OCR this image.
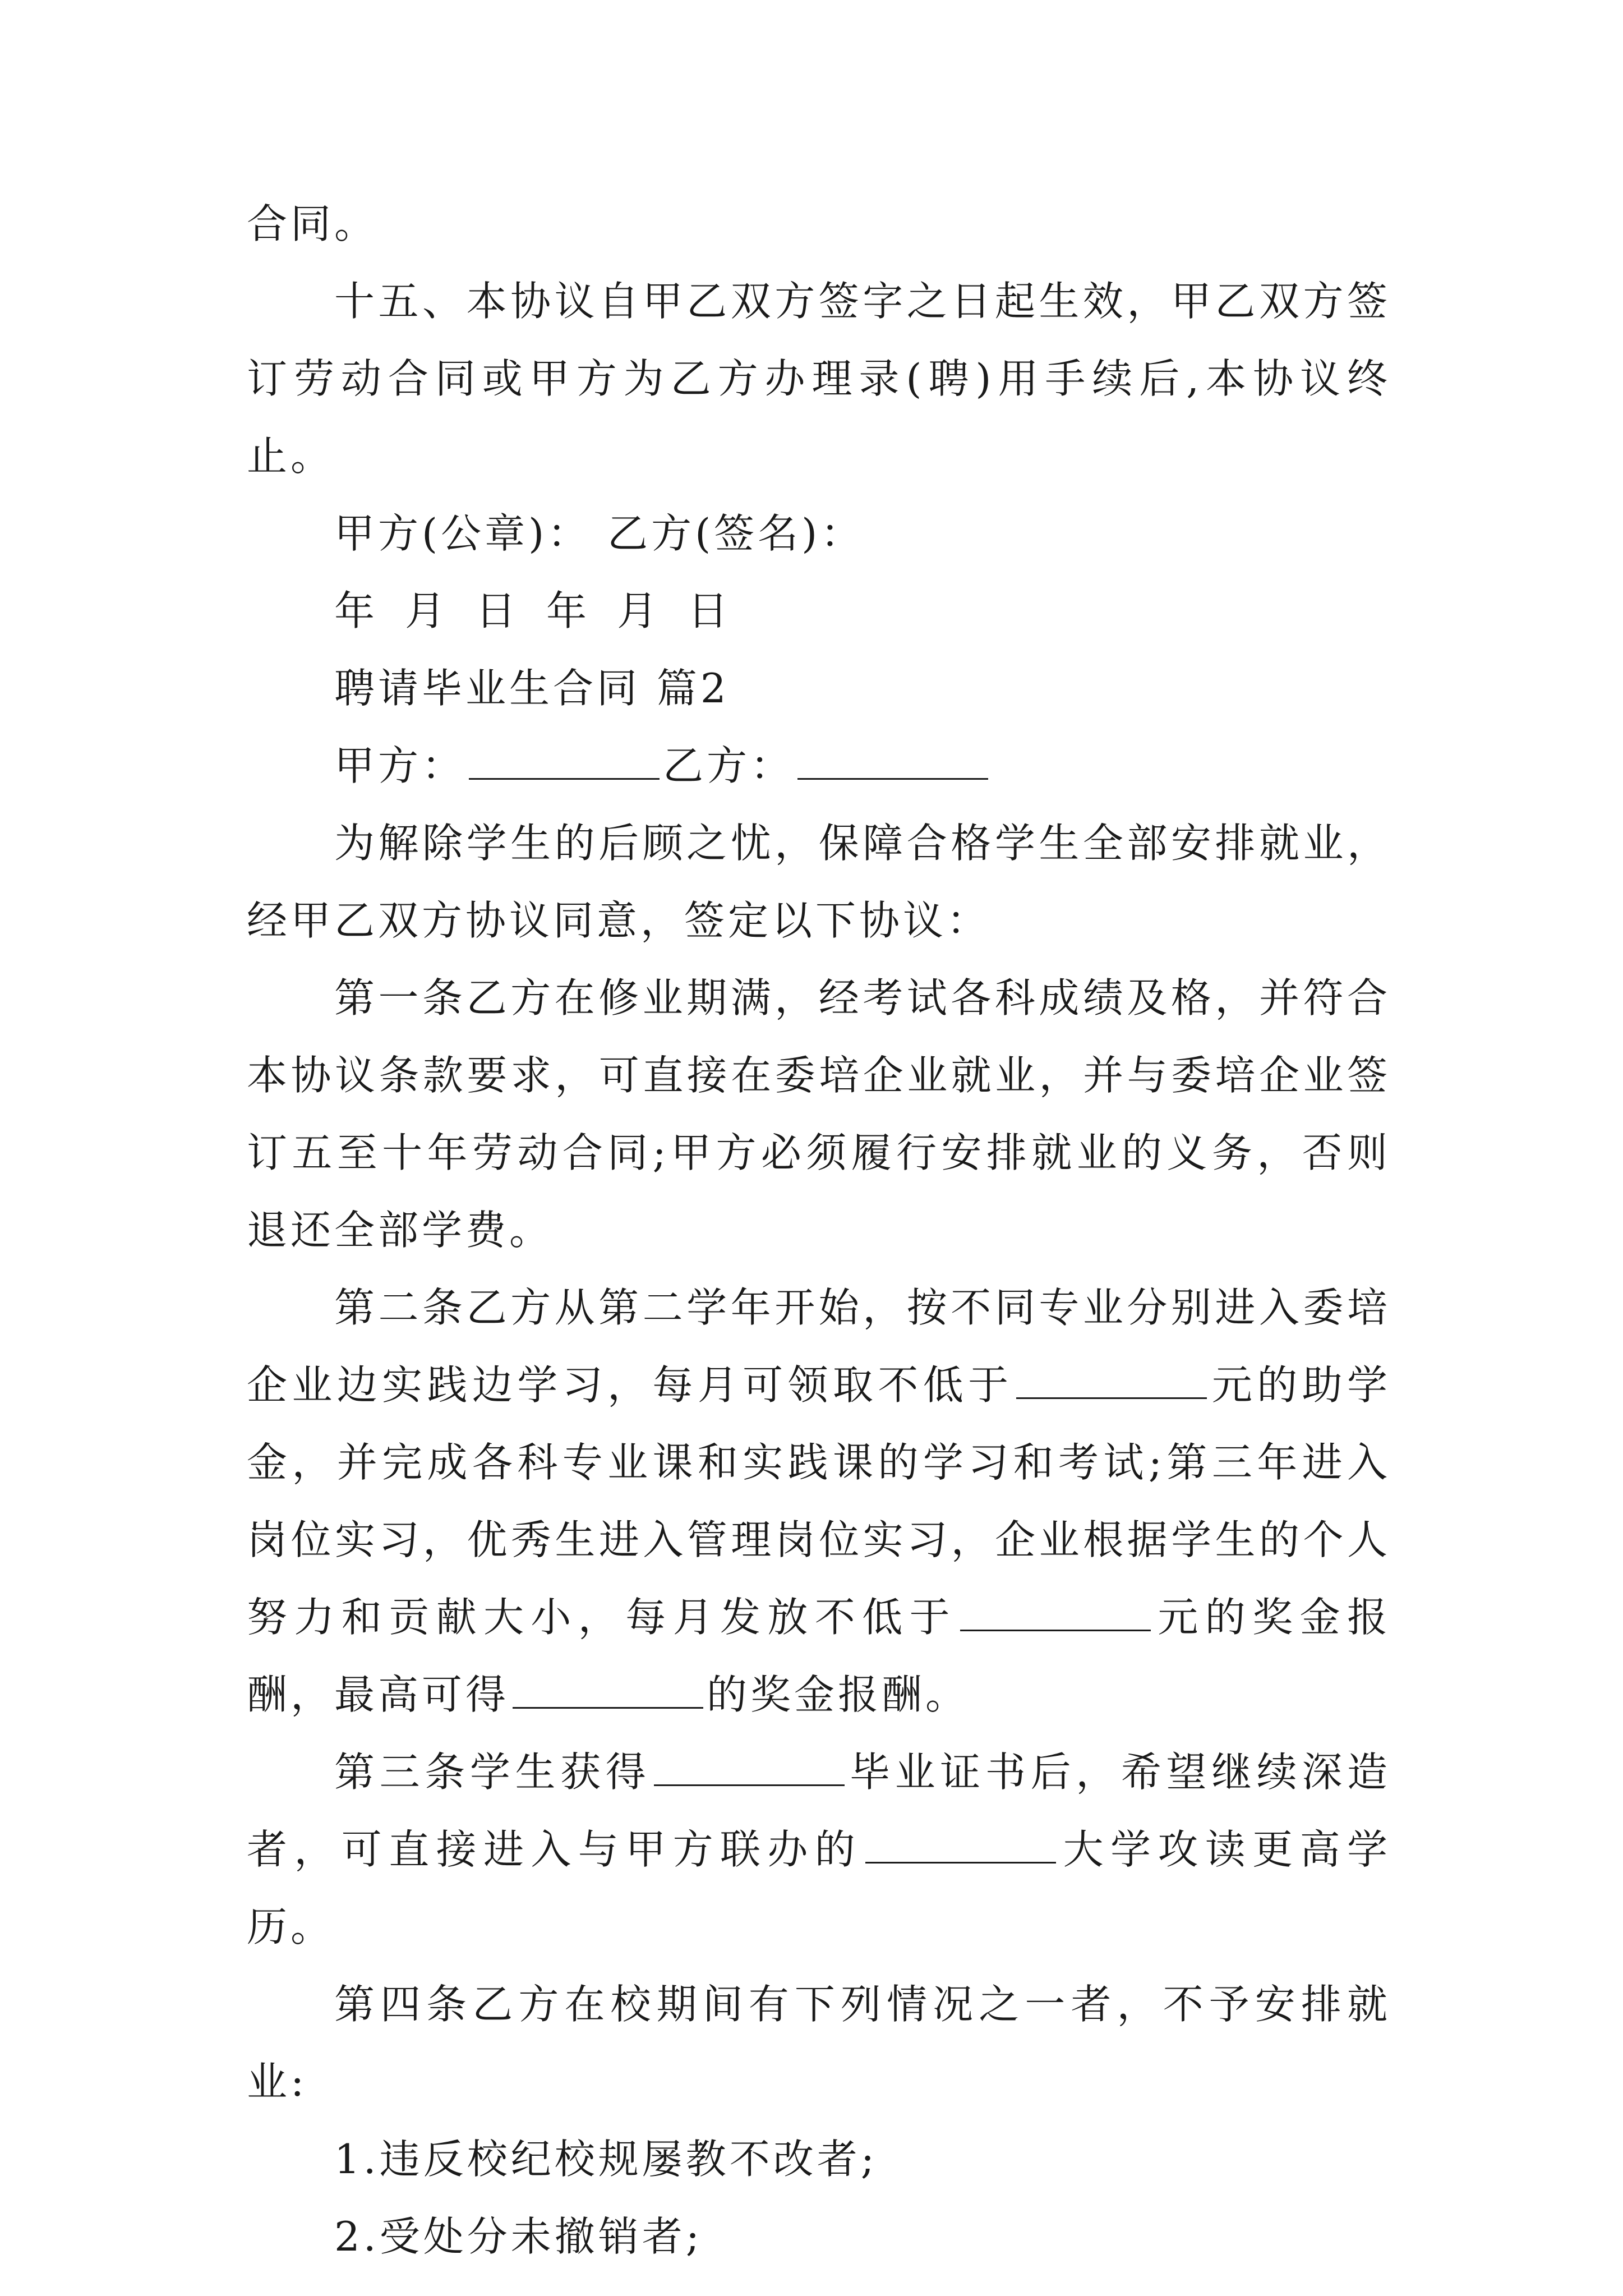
合同。

十五、本协议自甲乙双方签字之日起生效，甲乙双方签订劳动合同或甲方为乙方办理录(聘)用手续后,本协议终止。

甲方(公章)： 乙方(签名)：

年 月 日 年 月 日

聘请毕业生合同 篇2

甲方：	乙方：

为解除学生的后顾之忧，保障合格学生全部安排就业，经甲乙双方协议同意，签定以下协议：

第一条乙方在修业期满，经考试各科成绩及格，并符合本协议条款要求，可直接在委培企业就业，并与委培企业签订五至十年劳动合同;甲方必须履行安排就业的义务，否则退还全部学费。

第二条乙方从第二学年开始，按不同专业分别进入委培企业边实践边学习，每月可领取不低于	元的助学金，并完成各科专业课和实践课的学习和考试;第三年进入岗位实习，优秀生进入管理岗位实习，企业根据学生的个人努力和贡献大小，每月发放不低于	元的奖金报酬，最高可得	的奖金报酬。

第三条学生获得	毕业证书后，希望继续深造者，可直接进入与甲方联办的	大学攻读更高学历。

第四条乙方在校期间有下列情况之一者，不予安排就业:

1.违反校纪校规屡教不改者;

2.受处分未撤销者;
